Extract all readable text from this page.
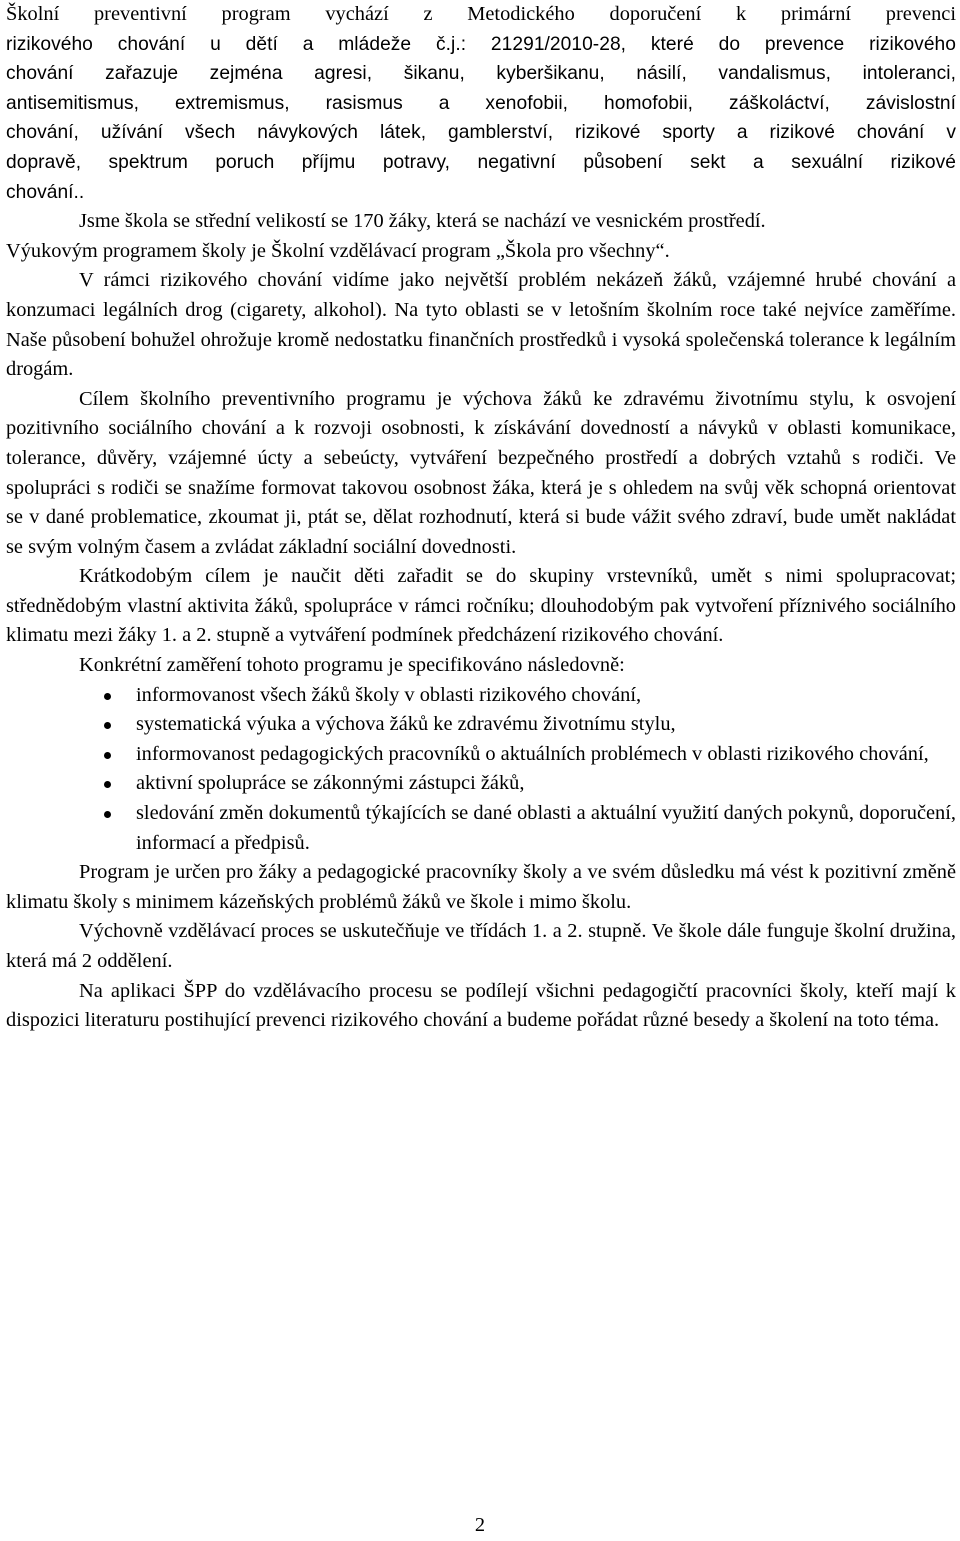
Školní preventivní program vychází z Metodického doporučení k primární prevenci
rizikového chování u dětí a mládeže č.j.: 21291/2010-28, které do prevence rizikového
chování zařazuje zejména agresi, šikanu, kyberšikanu, násilí, vandalismus, intoleranci,
antisemitismus, extremismus, rasismus a xenofobii, homofobii, záškoláctví, závislostní
chování, užívání všech návykových látek, gamblerství, rizikové sporty a rizikové chování v
dopravě, spektrum poruch příjmu potravy, negativní působení sekt a sexuální rizikové
chování..

Jsme škola se střední velikostí se 170 žáky, která se nachází ve vesnickém prostředí.

Výukovým programem školy je Školní vzdělávací program „Škola pro všechny“.

V rámci rizikového chování vidíme jako největší problém nekázeň žáků, vzájemné hrubé chování a konzumaci legálních drog (cigarety, alkohol). Na tyto oblasti se v letošním školním roce také nejvíce zaměříme. Naše působení bohužel ohrožuje kromě nedostatku finančních prostředků i vysoká společenská tolerance k legálním drogám.

Cílem školního preventivního programu je výchova žáků ke zdravému životnímu stylu, k osvojení pozitivního sociálního chování a k rozvoji osobnosti, k získávání dovedností a návyků v oblasti komunikace, tolerance, důvěry, vzájemné úcty a sebeúcty, vytváření bezpečného prostředí a dobrých vztahů s rodiči. Ve spolupráci s rodiči se snažíme formovat takovou osobnost žáka, která je s ohledem na svůj věk schopná orientovat se v dané problematice, zkoumat ji, ptát se, dělat rozhodnutí, která si bude vážit svého zdraví, bude umět nakládat se svým volným časem a zvládat základní sociální dovednosti.

Krátkodobým cílem je naučit děti zařadit se do skupiny vrstevníků, umět s nimi spolupracovat; střednědobým vlastní aktivita žáků, spolupráce v rámci ročníku; dlouhodobým pak vytvoření příznivého sociálního klimatu mezi žáky 1. a 2. stupně a vytváření podmínek předcházení rizikového chování.

Konkrétní zaměření tohoto programu je specifikováno následovně:

informovanost všech žáků školy v oblasti rizikového chování,
systematická výuka a výchova žáků ke zdravému životnímu stylu,
informovanost pedagogických pracovníků o aktuálních problémech v oblasti rizikového chování,
aktivní spolupráce se zákonnými zástupci žáků,
sledování změn dokumentů týkajících se dané oblasti a aktuální využití daných pokynů, doporučení, informací a předpisů.

Program je určen pro žáky a pedagogické pracovníky školy a ve svém důsledku má vést k pozitivní změně klimatu školy s minimem kázeňských problémů žáků ve škole i mimo školu.

Výchovně vzdělávací proces se uskutečňuje ve třídách 1. a 2. stupně. Ve škole dále funguje školní družina, která má 2 oddělení.

Na aplikaci ŠPP do vzdělávacího procesu se podílejí všichni pedagogičtí pracovníci školy, kteří mají k dispozici literaturu postihující prevenci rizikového chování a budeme pořádat různé besedy a školení na toto téma.

2
